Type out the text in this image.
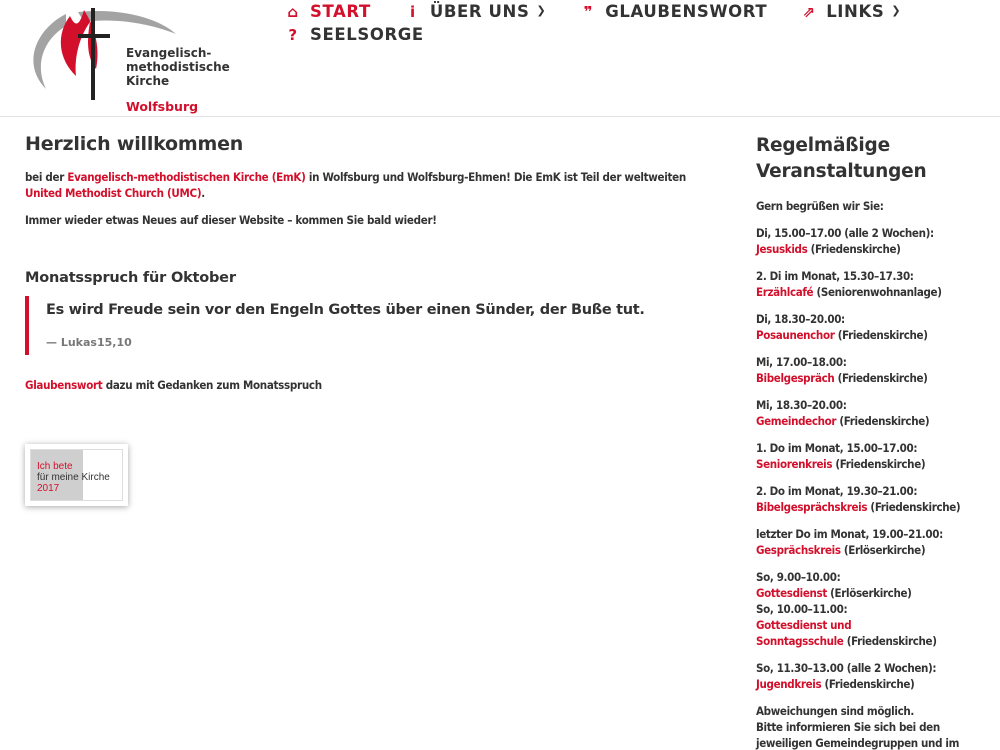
Evangelisch-
methodistische
Kirche
Wolfsburg
⌂ START	i ÜBER UNS ❯ ❞ GLAUBENSWORT ⇗ LINKS ❯
? SEELSORGE
Herzlich willkommen

bei der Evangelisch-methodistischen Kirche (EmK) in Wolfsburg und Wolfsburg-Ehmen! Die EmK ist Teil der weltweiten United Methodist Church (UMC).

Immer wieder etwas Neues auf dieser Website – kommen Sie bald wieder!

Monatsspruch für Oktober
Es wird Freude sein vor den Engeln Gottes über einen Sünder, der Buße tut.
— Lukas15,10

Glaubenswort dazu mit Gedanken zum Monatsspruch

Ich bete
für meine Kirche
2017
Regelmäßige
Veranstaltungen

Gern begrüßen wir Sie:

Di, 15.00–17.00 (alle 2 Wochen):
Jesuskids (Friedenskirche)

2. Di im Monat, 15.30–17.30:
Erzählcafé (Seniorenwohnanlage)

Di, 18.30–20.00:
Posaunenchor (Friedenskirche)

Mi, 17.00–18.00:
Bibelgespräch (Friedenskirche)

Mi, 18.30–20.00:
Gemeindechor (Friedenskirche)

1. Do im Monat, 15.00–17.00:
Seniorenkreis (Friedenskirche)

2. Do im Monat, 19.30–21.00:
Bibelgesprächskreis (Friedenskirche)

letzter Do im Monat, 19.00–21.00:
Gesprächskreis (Erlöserkirche)

So, 9.00–10.00:
Gottesdienst (Erlöserkirche)
So, 10.00–11.00:
Gottesdienst und
Sonntagsschule (Friedenskirche)

So, 11.30–13.00 (alle 2 Wochen):
Jugendkreis (Friedenskirche)

Abweichungen sind möglich.
Bitte informieren Sie sich bei den
jeweiligen Gemeindegruppen und im
